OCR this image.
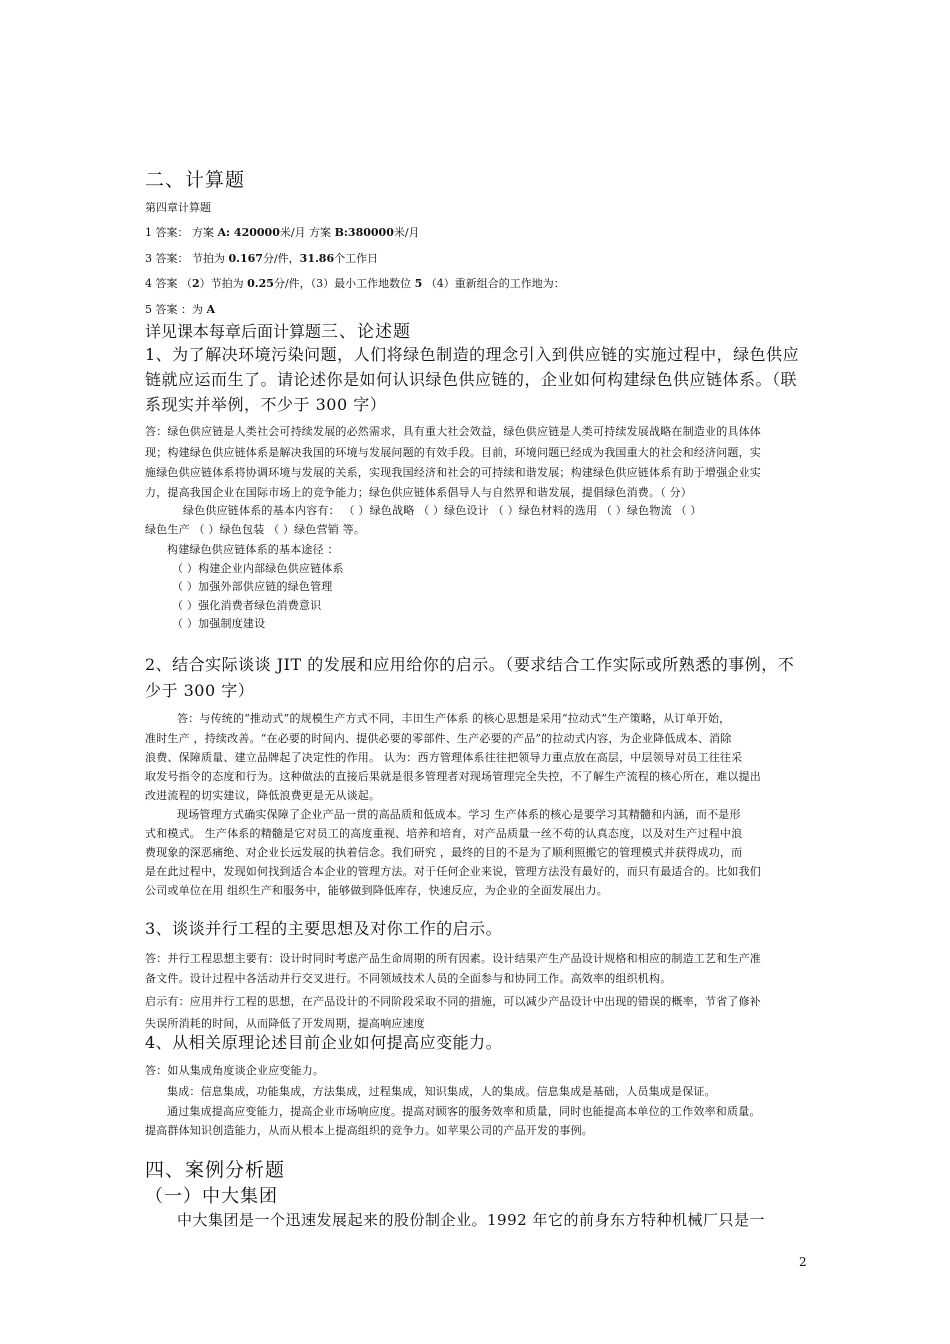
二、计算题
第四章计算题
1 答案： 方案 A: 420000米/月 方案 B:380000米/月
3 答案： 节拍为 0.167分/件，31.86个工作日
4 答案 （2）节拍为 0.25分/件，（3）最小工作地数位 5 （4）重新组合的工作地为：
5 答案 ：为 A
详见课本每章后面计算题三、论述题
1、为了解决环境污染问题，人们将绿色制造的理念引入到供应链的实施过程中，绿色供应
链就应运而生了。请论述你是如何认识绿色供应链的，企业如何构建绿色供应链体系。（联
系现实并举例，不少于 300 字）
答：绿色供应链是人类社会可持续发展的必然需求，具有重大社会效益，绿色供应链是人类可持续发展战略在制造业的具体体
现；构建绿色供应链体系是解决我国的环境与发展问题的有效手段。目前，环境问题已经成为我国重大的社会和经济问题，实
施绿色供应链体系将协调环境与发展的关系，实现我国经济和社会的可持续和谐发展；构建绿色供应链体系有助于增强企业实
力，提高我国企业在国际市场上的竞争能力；绿色供应链体系倡导人与自然界和谐发展，提倡绿色消费。（ 分）
绿色供应链体系的基本内容有： （ ）绿色战略 （ ）绿色设计 （ ）绿色材料的选用 （ ）绿色物流 （ ）
绿色生产 （ ）绿色包装 （ ）绿色营销 等。
构建绿色供应链体系的基本途径 ：
（ ）构建企业内部绿色供应链体系
（ ）加强外部供应链的绿色管理
（ ）强化消费者绿色消费意识
（ ）加强制度建设
2、结合实际谈谈 JIT 的发展和应用给你的启示。（要求结合工作实际或所熟悉的事例，不
少于 300 字）
答：与传统的“推动式”的规模生产方式不同，丰田生产体系 的核心思想是采用“拉动式”生产策略，从订单开始，
准时生产 ，持续改善。“在必要的时间内、提供必要的零部件、生产必要的产品”的拉动式内容，为企业降低成本、消除
浪费、保障质量、建立品牌起了决定性的作用。 认为：西方管理体系往往把领导力重点放在高层，中层领导对员工往往采
取发号指令的态度和行为。这种做法的直接后果就是很多管理者对现场管理完全失控，不了解生产流程的核心所在，难以提出
改进流程的切实建议，降低浪费更是无从谈起。
现场管理方式确实保障了企业产品一贯的高品质和低成本。学习 生产体系的核心是要学习其精髓和内涵，而不是形
式和模式。 生产体系的精髓是它对员工的高度重视、培养和培育，对产品质量一丝不苟的认真态度，以及对生产过程中浪
费现象的深恶痛绝、对企业长远发展的执着信念。我们研究 ，最终的目的不是为了顺利照搬它的管理模式并获得成功，而
是在此过程中，发现如何找到适合本企业的管理方法。对于任何企业来说，管理方法没有最好的，而只有最适合的。比如我们
公司或单位在用 组织生产和服务中，能够做到降低库存，快速反应，为企业的全面发展出力。
3、谈谈并行工程的主要思想及对你工作的启示。
答：并行工程思想主要有：设计时同时考虑产品生命周期的所有因素。设计结果产生产品设计规格和相应的制造工艺和生产准
备文件。设计过程中各活动并行交叉进行。不同领域技术人员的全面参与和协同工作。高效率的组织机构。
启示有：应用并行工程的思想，在产品设计的不同阶段采取不同的措施，可以减少产品设计中出现的错误的概率，节省了修补
失误所消耗的时间，从而降低了开发周期，提高响应速度
4、从相关原理论述目前企业如何提高应变能力。
答：如从集成角度谈企业应变能力。
集成：信息集成，功能集成，方法集成，过程集成，知识集成，人的集成。信息集成是基础，人员集成是保证。
通过集成提高应变能力，提高企业市场响应度。提高对顾客的服务效率和质量，同时也能提高本单位的工作效率和质量。
提高群体知识创造能力，从而从根本上提高组织的竞争力。如苹果公司的产品开发的事例。
四、案例分析题
（一）中大集团
中大集团是一个迅速发展起来的股份制企业。1992 年它的前身东方特种机械厂只是一
2
